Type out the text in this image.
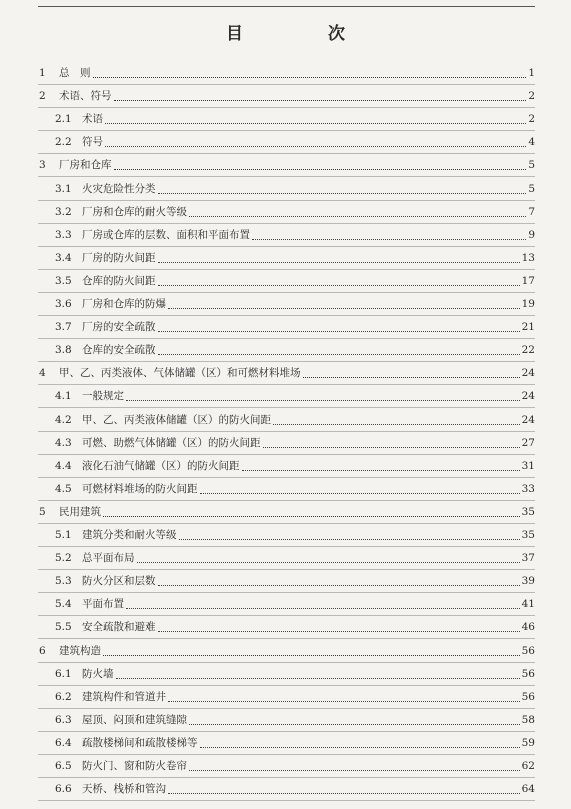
目　次
1	总　则	1
2	术语、符号	2
2.1 术语	2
2.2 符号	4
3	厂房和仓库	5
3.1 火灾危险性分类	5
3.2 厂房和仓库的耐火等级	7
3.3 厂房或仓库的层数、面积和平面布置	9
3.4 厂房的防火间距	13
3.5 仓库的防火间距	17
3.6 厂房和仓库的防爆	19
3.7 厂房的安全疏散	21
3.8 仓库的安全疏散	22
4	甲、乙、丙类液体、气体储罐（区）和可燃材料堆场	24
4.1 一般规定	24
4.2 甲、乙、丙类液体储罐（区）的防火间距	24
4.3 可燃、助燃气体储罐（区）的防火间距	27
4.4 液化石油气储罐（区）的防火间距	31
4.5 可燃材料堆场的防火间距	33
5	民用建筑	35
5.1 建筑分类和耐火等级	35
5.2 总平面布局	37
5.3 防火分区和层数	39
5.4 平面布置	41
5.5 安全疏散和避难	46
6	建筑构造	56
6.1 防火墙	56
6.2 建筑构件和管道井	56
6.3 屋顶、闷顶和建筑缝隙	58
6.4 疏散楼梯间和疏散楼梯等	59
6.5 防火门、窗和防火卷帘	62
6.6 天桥、栈桥和管沟	64
